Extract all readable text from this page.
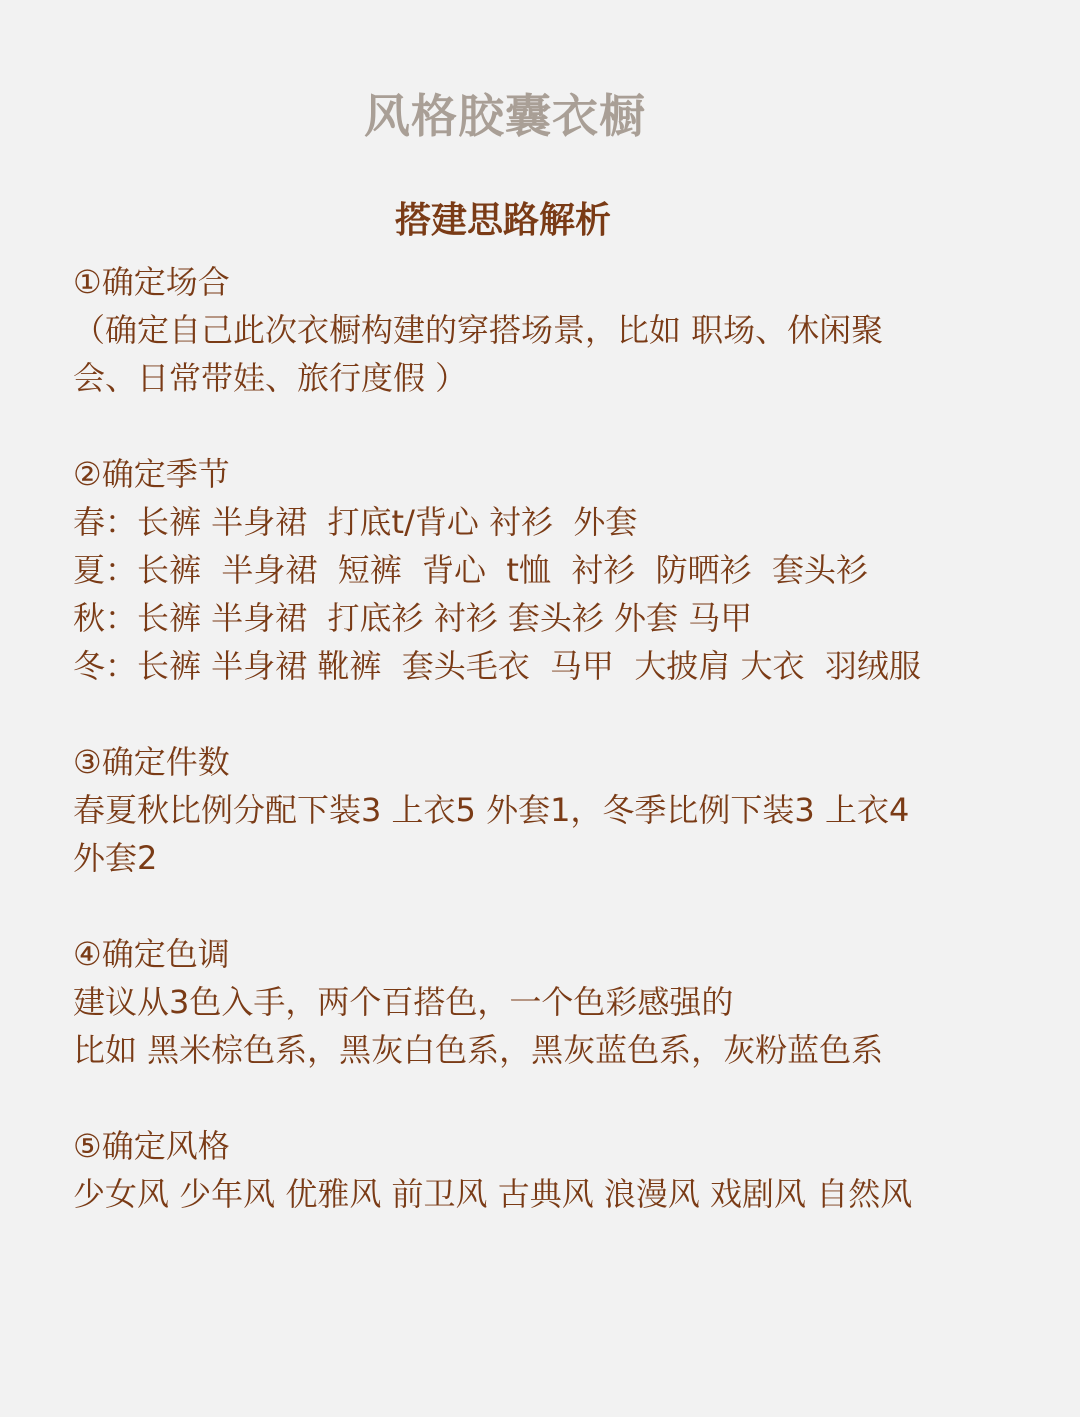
风格胶囊衣橱
搭建思路解析
①确定场合
（确定自己此次衣橱构建的穿搭场景，比如 职场、休闲聚
会、日常带娃、旅行度假 ）
②确定季节
春：长裤 半身裙  打底t/背心 衬衫  外套
夏：长裤  半身裙  短裤  背心  t恤  衬衫  防晒衫  套头衫
秋：长裤 半身裙  打底衫 衬衫 套头衫 外套 马甲
冬：长裤 半身裙 靴裤  套头毛衣  马甲  大披肩 大衣  羽绒服
③确定件数
春夏秋比例分配下装3 上衣5 外套1，冬季比例下装3 上衣4
外套2
④确定色调
建议从3色入手，两个百搭色，一个色彩感强的
比如 黑米棕色系，黑灰白色系，黑灰蓝色系，灰粉蓝色系
⑤确定风格
少女风 少年风 优雅风 前卫风 古典风 浪漫风 戏剧风 自然风
